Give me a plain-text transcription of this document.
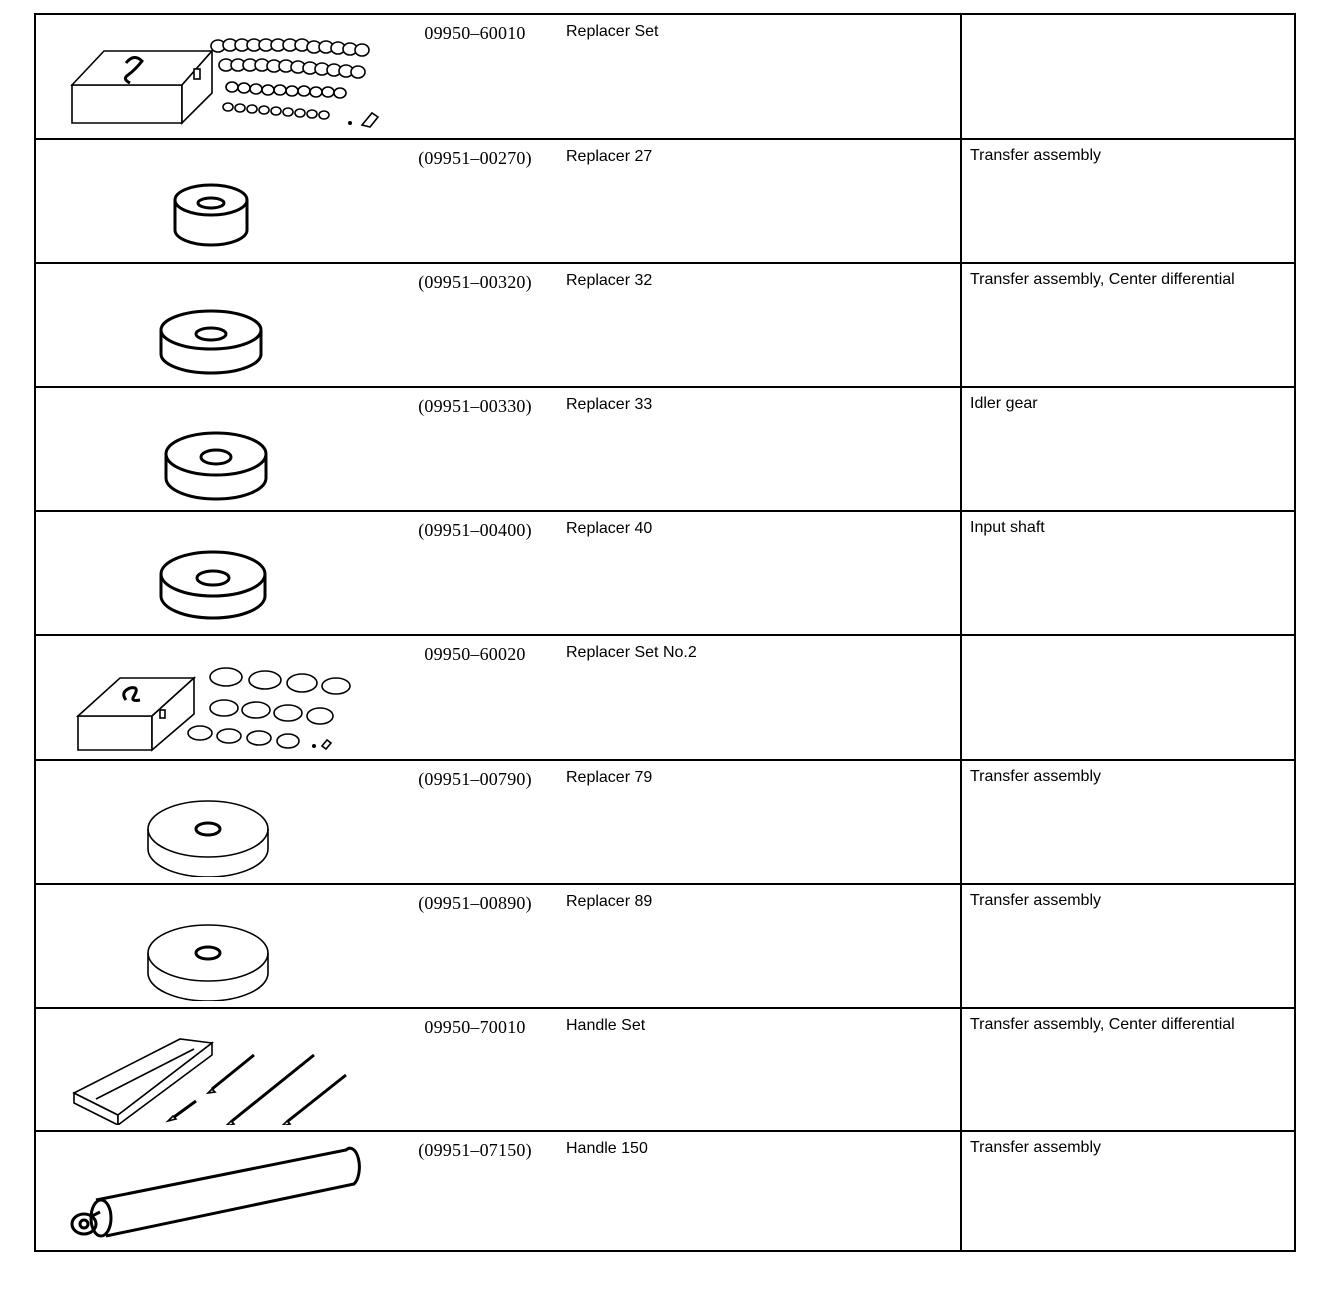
09950–60010	Replacer Set
(09951–00270)	Replacer 27	Transfer assembly
(09951–00320)	Replacer 32	Transfer assembly, Center differential
(09951–00330)	Replacer 33	Idler gear
(09951–00400)	Replacer 40	Input shaft
09950–60020	Replacer Set No.2
(09951–00790)	Replacer 79	Transfer assembly
(09951–00890)	Replacer 89	Transfer assembly
09950–70010	Handle Set	Transfer assembly, Center differential
(09951–07150)	Handle 150	Transfer assembly
